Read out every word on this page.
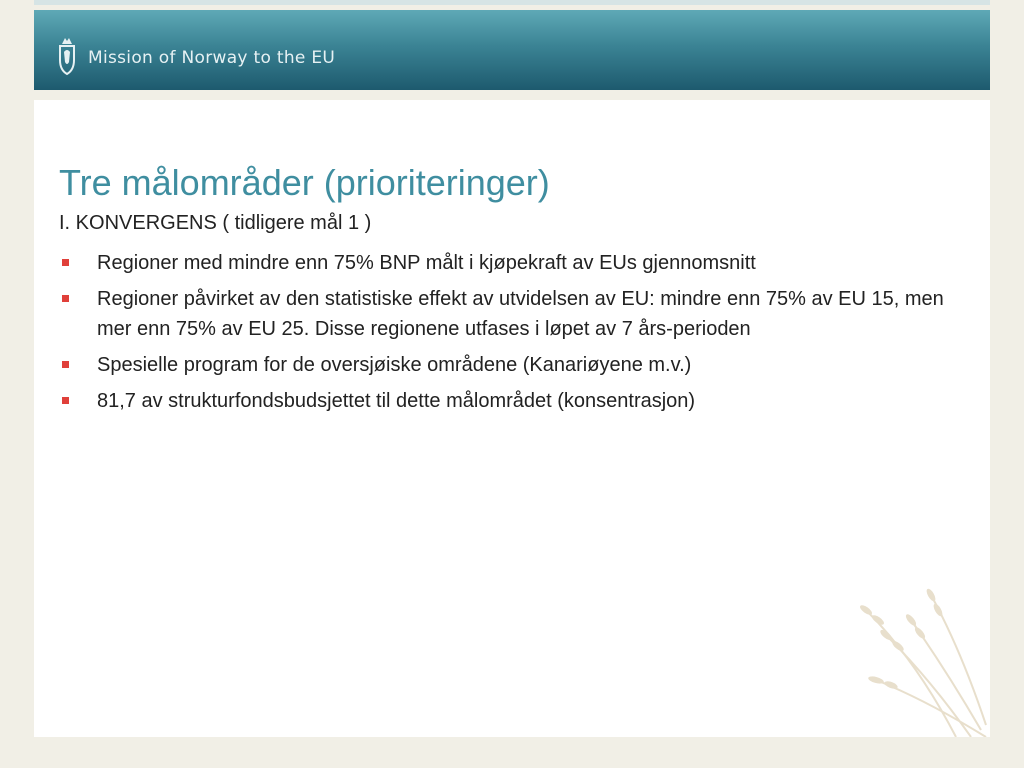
Mission of Norway to the EU
Tre målområder (prioriteringer)
I. KONVERGENS ( tidligere mål 1 )
Regioner med mindre enn 75% BNP målt i kjøpekraft av EUs gjennomsnitt
Regioner påvirket av den statistiske effekt av utvidelsen av EU: mindre enn 75% av EU 15, men mer enn 75% av EU 25. Disse regionene utfases i løpet av 7 års-perioden
Spesielle program for de oversjøiske områdene (Kanariøyene m.v.)
81,7 av strukturfondsbudsjettet til dette målområdet (konsentrasjon)
